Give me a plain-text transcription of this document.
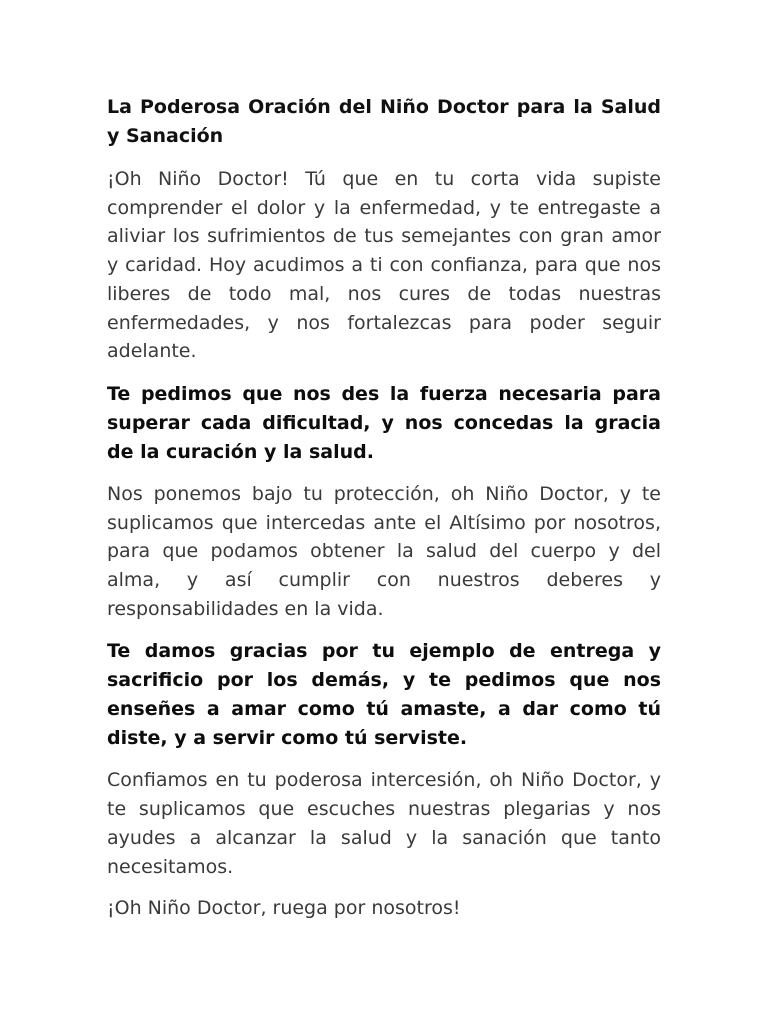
La Poderosa Oración del Niño Doctor para la Salud y Sanación

¡Oh Niño Doctor! Tú que en tu corta vida supiste comprender el dolor y la enfermedad, y te entregaste a aliviar los sufrimientos de tus semejantes con gran amor y caridad. Hoy acudimos a ti con confianza, para que nos liberes de todo mal, nos cures de todas nuestras enfermedades, y nos fortalezcas para poder seguir adelante.

Te pedimos que nos des la fuerza necesaria para superar cada dificultad, y nos concedas la gracia de la curación y la salud.

Nos ponemos bajo tu protección, oh Niño Doctor, y te suplicamos que intercedas ante el Altísimo por nosotros, para que podamos obtener la salud del cuerpo y del alma, y así cumplir con nuestros deberes y responsabilidades en la vida.

Te damos gracias por tu ejemplo de entrega y sacrificio por los demás, y te pedimos que nos enseñes a amar como tú amaste, a dar como tú diste, y a servir como tú serviste.

Confiamos en tu poderosa intercesión, oh Niño Doctor, y te suplicamos que escuches nuestras plegarias y nos ayudes a alcanzar la salud y la sanación que tanto necesitamos.

¡Oh Niño Doctor, ruega por nosotros!
